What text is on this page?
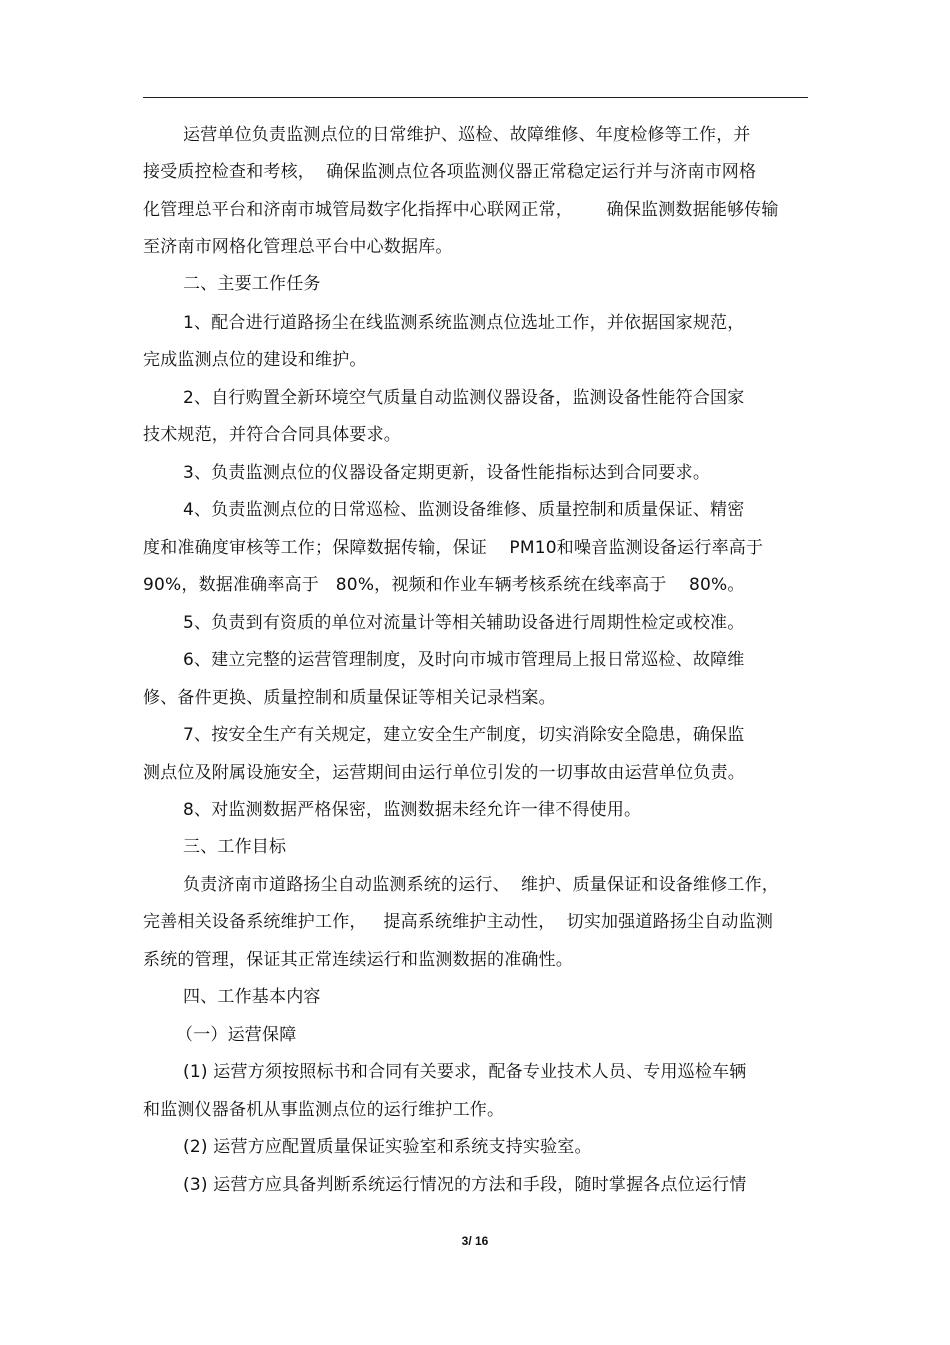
运营单位负责监测点位的日常维护、巡检、故障维修、年度检修等工作，并
接受质控检查和考核，  确保监测点位各项监测仪器正常稳定运行并与济南市网格
化管理总平台和济南市城管局数字化指挥中心联网正常，      确保监测数据能够传输
至济南市网格化管理总平台中心数据库。
二、主要工作任务
1、配合进行道路扬尘在线监测系统监测点位选址工作，并依据国家规范，
完成监测点位的建设和维护。
2、自行购置全新环境空气质量自动监测仪器设备，监测设备性能符合国家
技术规范，并符合合同具体要求。
3、负责监测点位的仪器设备定期更新，设备性能指标达到合同要求。
4、负责监测点位的日常巡检、监测设备维修、质量控制和质量保证、精密
度和准确度审核等工作；保障数据传输，保证    PM10和噪音监测设备运行率高于
90%，数据准确率高于   80%，视频和作业车辆考核系统在线率高于    80%。
5、负责到有资质的单位对流量计等相关辅助设备进行周期性检定或校准。
6、建立完整的运营管理制度，及时向市城市管理局上报日常巡检、故障维
修、备件更换、质量控制和质量保证等相关记录档案。
7、按安全生产有关规定，建立安全生产制度，切实消除安全隐患，确保监
测点位及附属设施安全，运营期间由运行单位引发的一切事故由运营单位负责。
8、对监测数据严格保密，监测数据未经允许一律不得使用。
三、工作目标
负责济南市道路扬尘自动监测系统的运行、  维护、质量保证和设备维修工作，
完善相关设备系统维护工作，   提高系统维护主动性，  切实加强道路扬尘自动监测
系统的管理，保证其正常连续运行和监测数据的准确性。
四、工作基本内容
（一）运营保障
(1) 运营方须按照标书和合同有关要求，配备专业技术人员、专用巡检车辆
和监测仪器备机从事监测点位的运行维护工作。
(2) 运营方应配置质量保证实验室和系统支持实验室。
(3) 运营方应具备判断系统运行情况的方法和手段，随时掌握各点位运行情
3/ 16
